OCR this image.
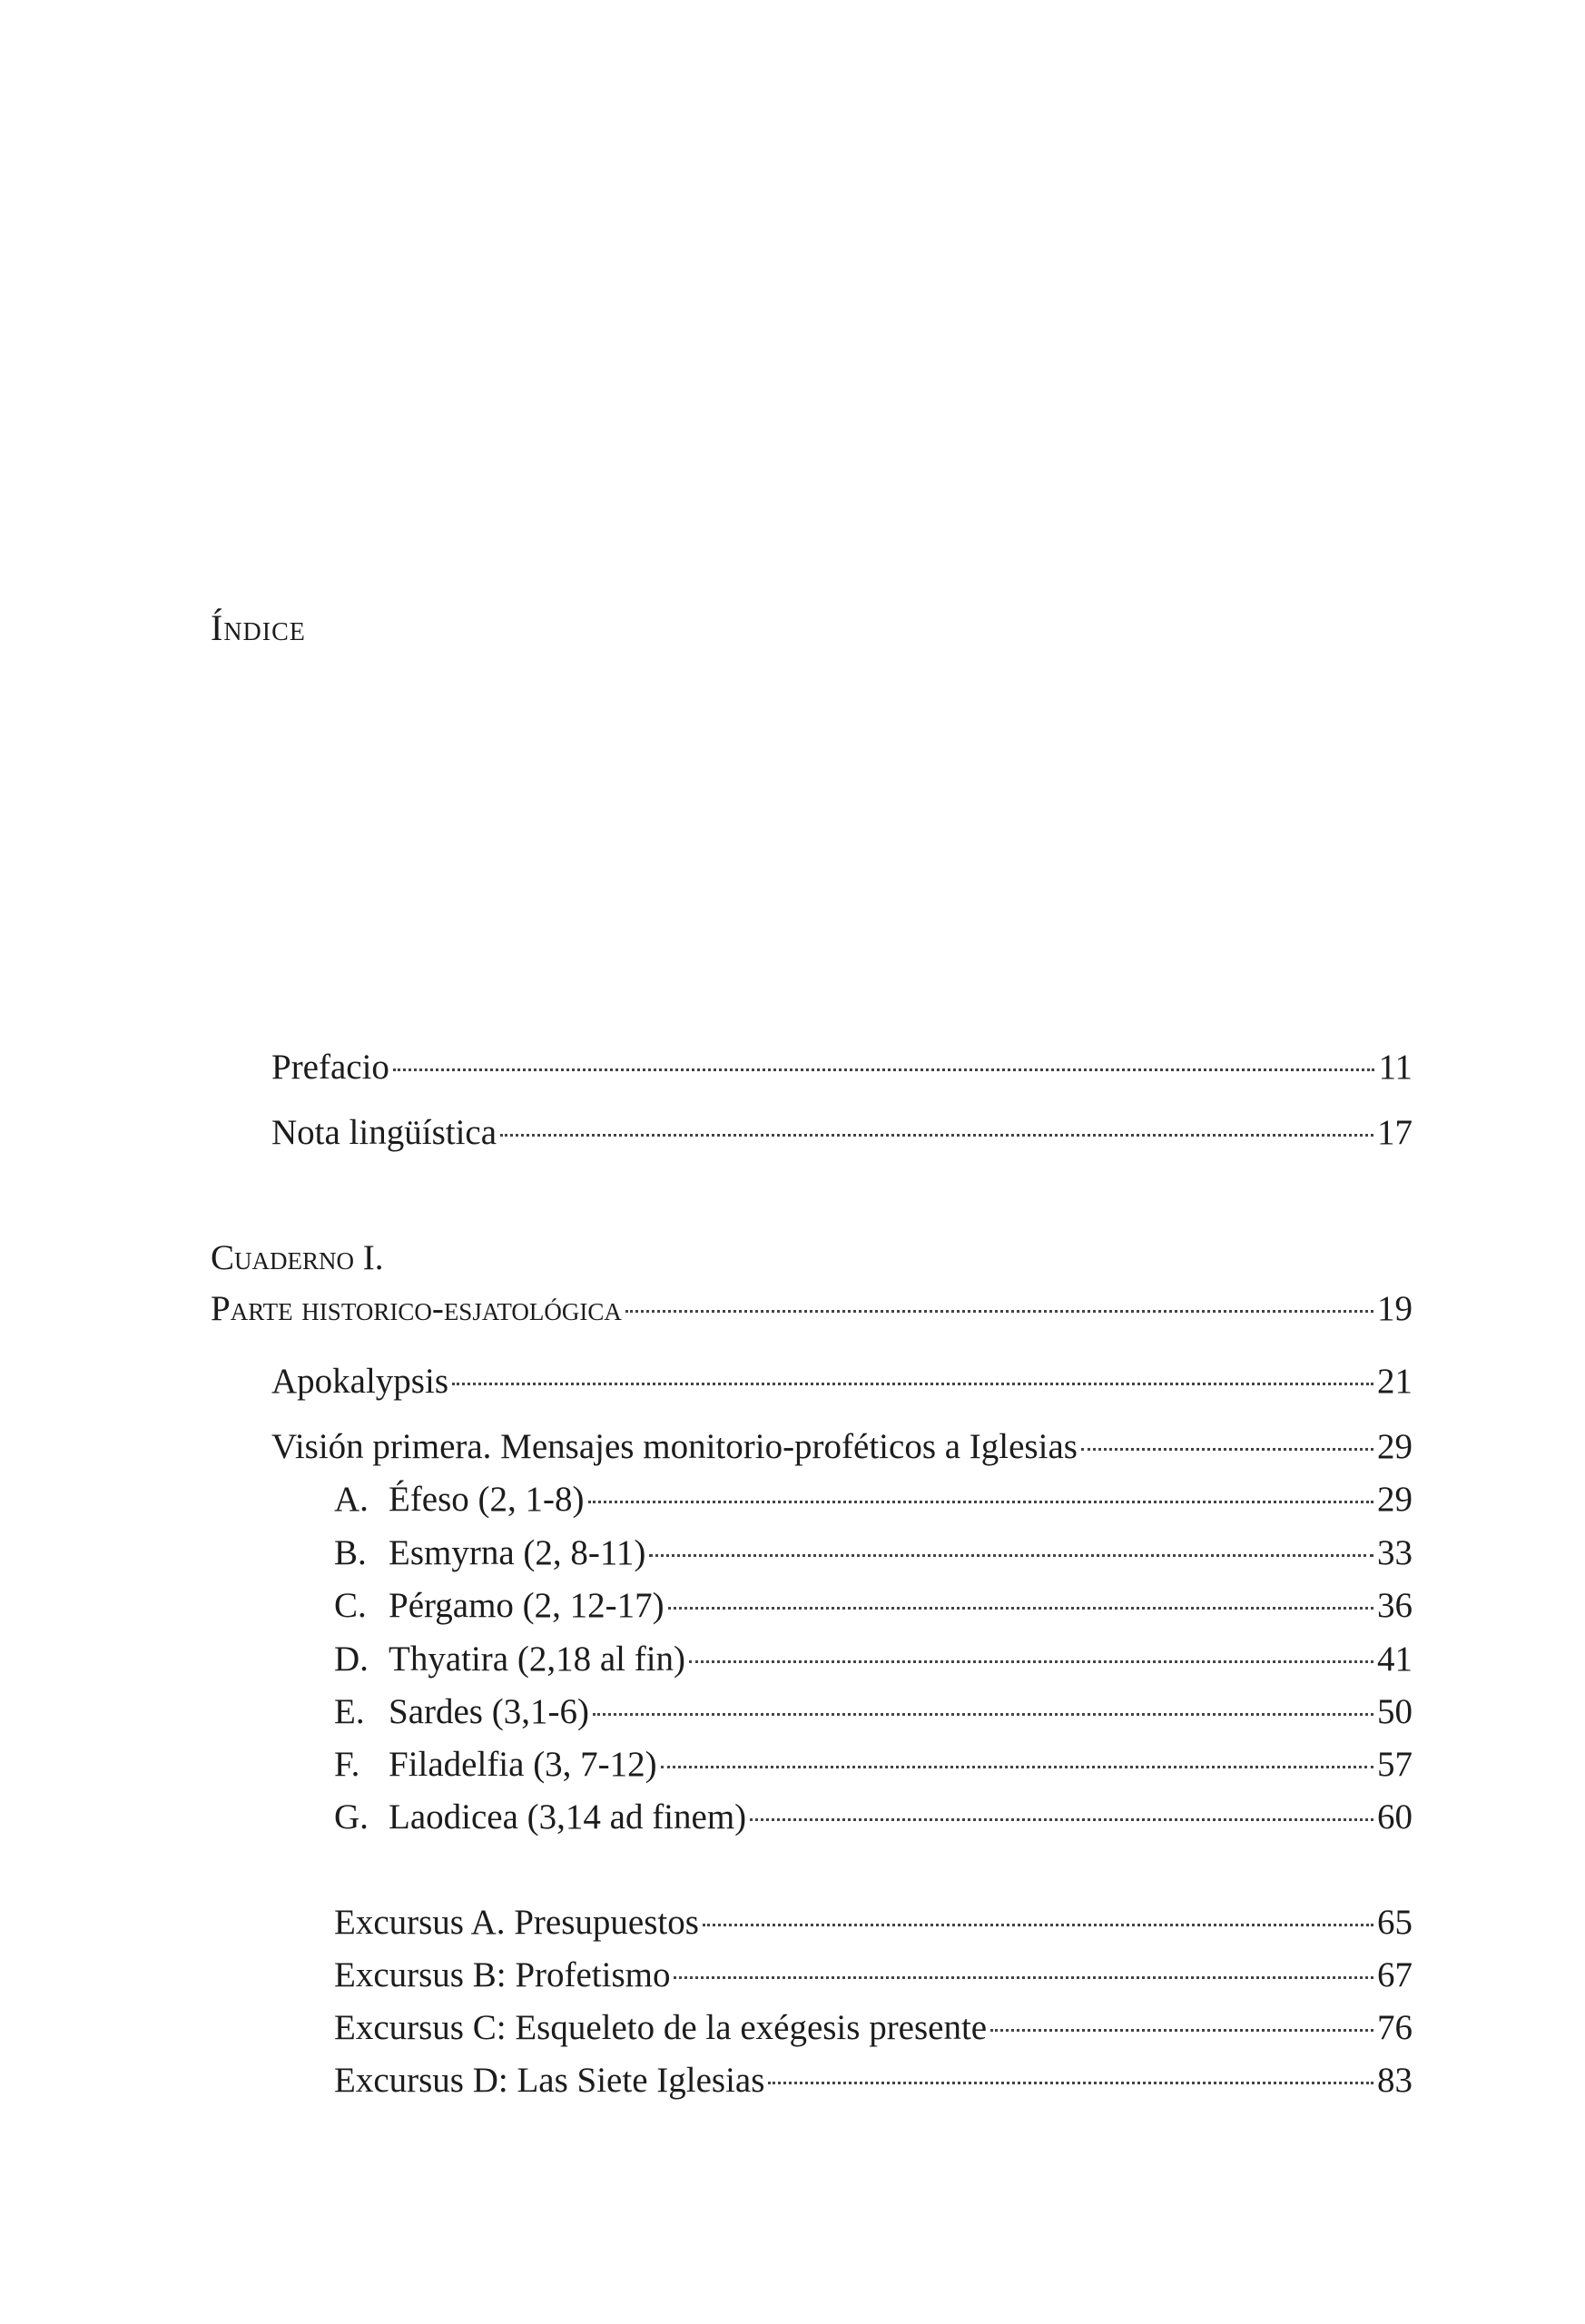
Índice
Prefacio	11
Nota lingüística	17
Cuaderno I.
Parte historico-esjatológica	19
Apokalypsis	21
Visión primera. Mensajes monitorio-proféticos a Iglesias	29
A. Éfeso (2, 1-8)	29
B. Esmyrna (2, 8-11)	33
C. Pérgamo (2, 12-17)	36
D. Thyatira (2,18 al fin)	41
E. Sardes (3,1-6)	50
F. Filadelfia (3, 7-12)	57
G. Laodicea (3,14 ad finem)	60
Excursus A. Presupuestos	65
Excursus B: Profetismo	67
Excursus C: Esqueleto de la exégesis presente	76
Excursus D: Las Siete Iglesias	83
